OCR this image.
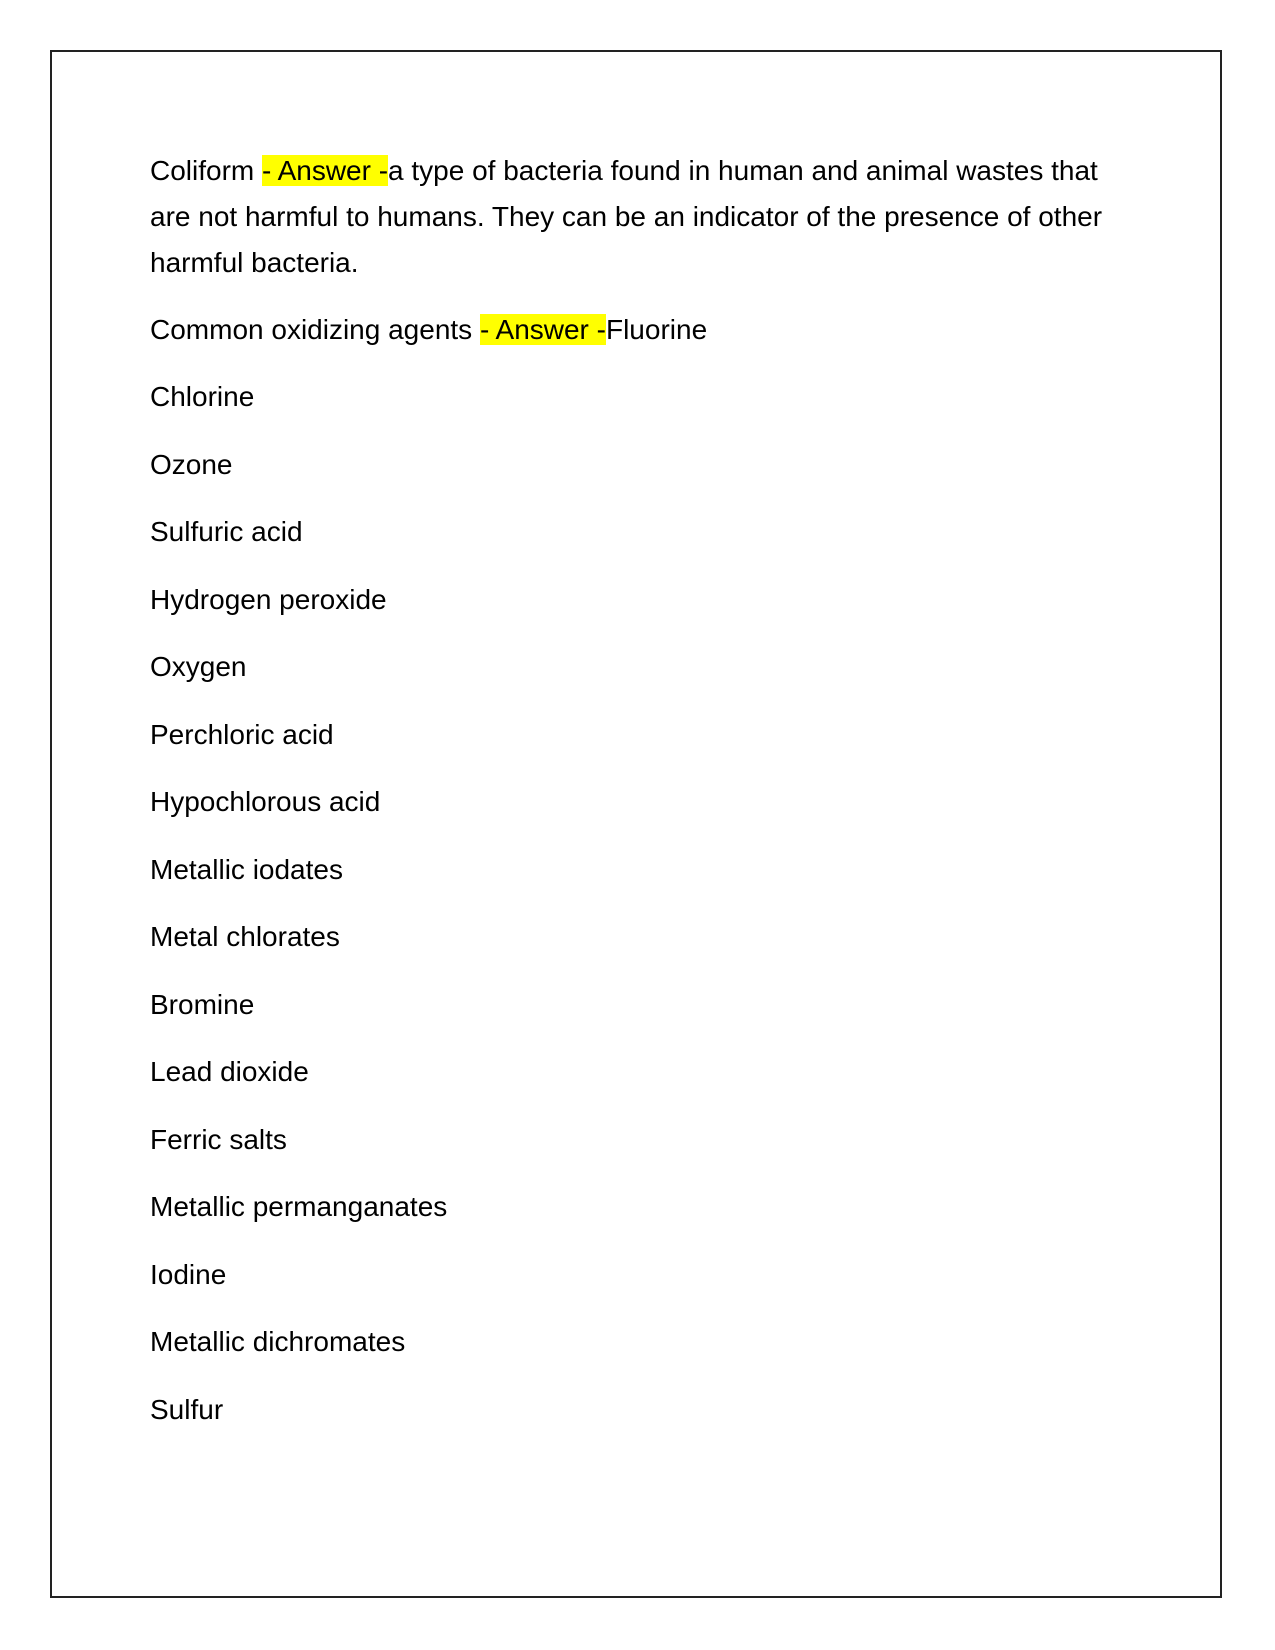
Coliform - Answer -a type of bacteria found in human and animal wastes that are not harmful to humans. They can be an indicator of the presence of other harmful bacteria.

Common oxidizing agents - Answer -Fluorine

Chlorine

Ozone

Sulfuric acid

Hydrogen peroxide

Oxygen

Perchloric acid

Hypochlorous acid

Metallic iodates

Metal chlorates

Bromine

Lead dioxide

Ferric salts

Metallic permanganates

Iodine

Metallic dichromates

Sulfur
